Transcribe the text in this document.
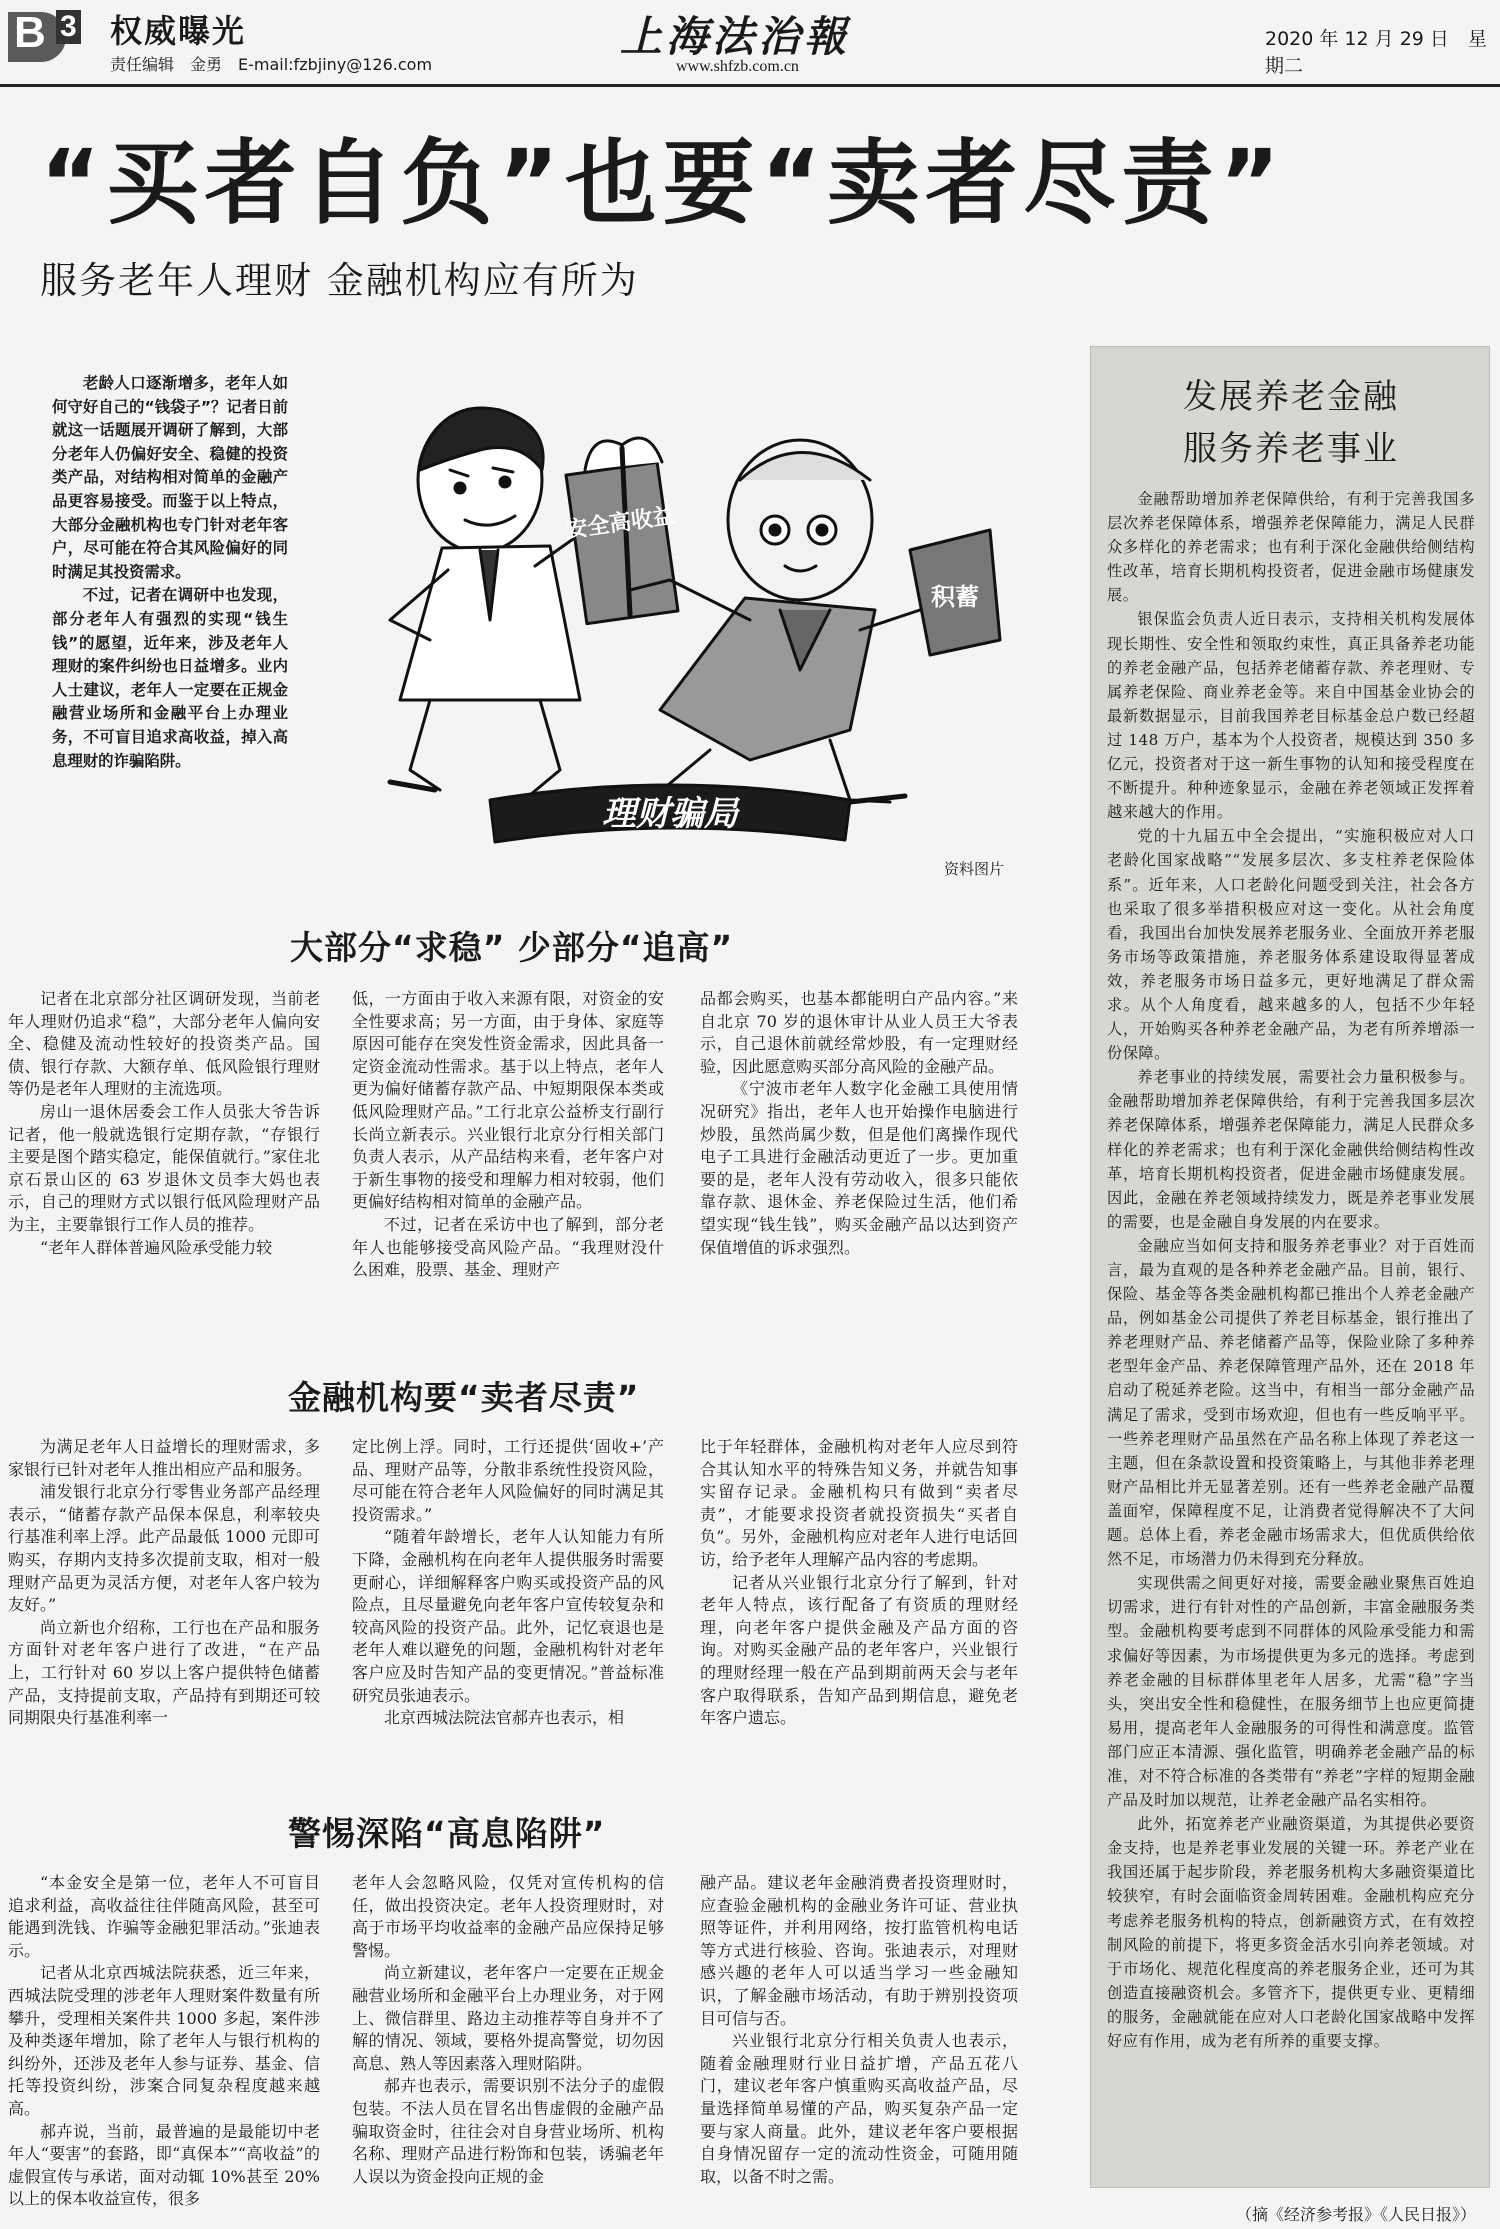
B 3 权威曝光
责任编辑　金勇　E-mail:fzbjiny@126.com
上海法治報
www.shfzb.com.cn
2020 年 12 月 29 日　星期二
“买者自负”也要“卖者尽责”
服务老年人理财 金融机构应有所为

老龄人口逐渐增多，老年人如何守好自己的“钱袋子”？记者日前就这一话题展开调研了解到，大部分老年人仍偏好安全、稳健的投资类产品，对结构相对简单的金融产品更容易接受。而鉴于以上特点，大部分金融机构也专门针对老年客户，尽可能在符合其风险偏好的同时满足其投资需求。

不过，记者在调研中也发现，部分老年人有强烈的实现“钱生钱”的愿望，近年来，涉及老年人理财的案件纠纷也日益增多。业内人士建议，老年人一定要在正规金融营业场所和金融平台上办理业务，不可盲目追求高收益，掉入高息理财的诈骗陷阱。

安全高收益
积蓄
理财骗局
资料图片
大部分“求稳” 少部分“追高”

记者在北京部分社区调研发现，当前老年人理财仍追求“稳”，大部分老年人偏向安全、稳健及流动性较好的投资类产品。国债、银行存款、大额存单、低风险银行理财等仍是老年人理财的主流选项。

房山一退休居委会工作人员张大爷告诉记者，他一般就选银行定期存款，“存银行主要是图个踏实稳定，能保值就行。”家住北京石景山区的 63 岁退休文员李大妈也表示，自己的理财方式以银行低风险理财产品为主，主要靠银行工作人员的推荐。

“老年人群体普遍风险承受能力较

低，一方面由于收入来源有限，对资金的安全性要求高；另一方面，由于身体、家庭等原因可能存在突发性资金需求，因此具备一定资金流动性需求。基于以上特点，老年人更为偏好储蓄存款产品、中短期限保本类或低风险理财产品。”工行北京公益桥支行副行长尚立新表示。兴业银行北京分行相关部门负责人表示，从产品结构来看，老年客户对于新生事物的接受和理解力相对较弱，他们更偏好结构相对简单的金融产品。

不过，记者在采访中也了解到，部分老年人也能够接受高风险产品。“我理财没什么困难，股票、基金、理财产

品都会购买，也基本都能明白产品内容。”来自北京 70 岁的退休审计从业人员王大爷表示，自己退休前就经常炒股，有一定理财经验，因此愿意购买部分高风险的金融产品。

《宁波市老年人数字化金融工具使用情况研究》指出，老年人也开始操作电脑进行炒股，虽然尚属少数，但是他们离操作现代电子工具进行金融活动更近了一步。更加重要的是，老年人没有劳动收入，很多只能依靠存款、退休金、养老保险过生活，他们希望实现“钱生钱”，购买金融产品以达到资产保值增值的诉求强烈。

金融机构要“卖者尽责”

为满足老年人日益增长的理财需求，多家银行已针对老年人推出相应产品和服务。

浦发银行北京分行零售业务部产品经理表示，“储蓄存款产品保本保息，利率较央行基准利率上浮。此产品最低 1000 元即可购买，存期内支持多次提前支取，相对一般理财产品更为灵活方便，对老年人客户较为友好。”

尚立新也介绍称，工行也在产品和服务方面针对老年客户进行了改进，“在产品上，工行针对 60 岁以上客户提供特色储蓄产品，支持提前支取，产品持有到期还可较同期限央行基准利率一

定比例上浮。同时，工行还提供‘固收+’产品、理财产品等，分散非系统性投资风险，尽可能在符合老年人风险偏好的同时满足其投资需求。”

“随着年龄增长，老年人认知能力有所下降，金融机构在向老年人提供服务时需要更耐心，详细解释客户购买或投资产品的风险点，且尽量避免向老年客户宣传较复杂和较高风险的投资产品。此外，记忆衰退也是老年人难以避免的问题，金融机构针对老年客户应及时告知产品的变更情况。”普益标准研究员张迪表示。

北京西城法院法官郝卉也表示，相

比于年轻群体，金融机构对老年人应尽到符合其认知水平的特殊告知义务，并就告知事实留存记录。金融机构只有做到“卖者尽责”，才能要求投资者就投资损失“买者自负”。另外，金融机构应对老年人进行电话回访，给予老年人理解产品内容的考虑期。

记者从兴业银行北京分行了解到，针对老年人特点，该行配备了有资质的理财经理，向老年客户提供金融及产品方面的咨询。对购买金融产品的老年客户，兴业银行的理财经理一般在产品到期前两天会与老年客户取得联系，告知产品到期信息，避免老年客户遗忘。

警惕深陷“高息陷阱”

“本金安全是第一位，老年人不可盲目追求利益，高收益往往伴随高风险，甚至可能遇到洗钱、诈骗等金融犯罪活动。”张迪表示。

记者从北京西城法院获悉，近三年来，西城法院受理的涉老年人理财案件数量有所攀升，受理相关案件共 1000 多起，案件涉及种类逐年增加，除了老年人与银行机构的纠纷外，还涉及老年人参与证券、基金、信托等投资纠纷，涉案合同复杂程度越来越高。

郝卉说，当前，最普遍的是最能切中老年人“要害”的套路，即“真保本”“高收益”的虚假宣传与承诺，面对动辄 10%甚至 20%以上的保本收益宣传，很多

老年人会忽略风险，仅凭对宣传机构的信任，做出投资决定。老年人投资理财时，对高于市场平均收益率的金融产品应保持足够警惕。

尚立新建议，老年客户一定要在正规金融营业场所和金融平台上办理业务，对于网上、微信群里、路边主动推荐等自身并不了解的情况、领域，要格外提高警觉，切勿因高息、熟人等因素落入理财陷阱。

郝卉也表示，需要识别不法分子的虚假包装。不法人员在冒名出售虚假的金融产品骗取资金时，往往会对自身营业场所、机构名称、理财产品进行粉饰和包装，诱骗老年人误以为资金投向正规的金

融产品。建议老年金融消费者投资理财时，应查验金融机构的金融业务许可证、营业执照等证件，并利用网络，按打监管机构电话等方式进行核验、咨询。张迪表示，对理财感兴趣的老年人可以适当学习一些金融知识，了解金融市场活动，有助于辨别投资项目可信与否。

兴业银行北京分行相关负责人也表示，随着金融理财行业日益扩增，产品五花八门，建议老年客户慎重购买高收益产品，尽量选择简单易懂的产品，购买复杂产品一定要与家人商量。此外，建议老年客户要根据自身情况留存一定的流动性资金，可随用随取，以备不时之需。

发展养老金融
服务养老事业

金融帮助增加养老保障供给，有利于完善我国多层次养老保障体系，增强养老保障能力，满足人民群众多样化的养老需求；也有利于深化金融供给侧结构性改革，培育长期机构投资者，促进金融市场健康发展。

银保监会负责人近日表示，支持相关机构发展体现长期性、安全性和领取约束性，真正具备养老功能的养老金融产品，包括养老储蓄存款、养老理财、专属养老保险、商业养老金等。来自中国基金业协会的最新数据显示，目前我国养老目标基金总户数已经超过 148 万户，基本为个人投资者，规模达到 350 多亿元，投资者对于这一新生事物的认知和接受程度在不断提升。种种迹象显示，金融在养老领域正发挥着越来越大的作用。

党的十九届五中全会提出，“实施积极应对人口老龄化国家战略”“发展多层次、多支柱养老保险体系”。近年来，人口老龄化问题受到关注，社会各方也采取了很多举措积极应对这一变化。从社会角度看，我国出台加快发展养老服务业、全面放开养老服务市场等政策措施，养老服务体系建设取得显著成效，养老服务市场日益多元，更好地满足了群众需求。从个人角度看，越来越多的人，包括不少年轻人，开始购买各种养老金融产品，为老有所养增添一份保障。

养老事业的持续发展，需要社会力量积极参与。金融帮助增加养老保障供给，有利于完善我国多层次养老保障体系，增强养老保障能力，满足人民群众多样化的养老需求；也有利于深化金融供给侧结构性改革，培育长期机构投资者，促进金融市场健康发展。因此，金融在养老领域持续发力，既是养老事业发展的需要，也是金融自身发展的内在要求。

金融应当如何支持和服务养老事业？对于百姓而言，最为直观的是各种养老金融产品。目前，银行、保险、基金等各类金融机构都已推出个人养老金融产品，例如基金公司提供了养老目标基金，银行推出了养老理财产品、养老储蓄产品等，保险业除了多种养老型年金产品、养老保障管理产品外，还在 2018 年启动了税延养老险。这当中，有相当一部分金融产品满足了需求，受到市场欢迎，但也有一些反响平平。一些养老理财产品虽然在产品名称上体现了养老这一主题，但在条款设置和投资策略上，与其他非养老理财产品相比并无显著差别。还有一些养老金融产品覆盖面窄，保障程度不足，让消费者觉得解决不了大问题。总体上看，养老金融市场需求大，但优质供给依然不足，市场潜力仍未得到充分释放。

实现供需之间更好对接，需要金融业聚焦百姓迫切需求，进行有针对性的产品创新，丰富金融服务类型。金融机构要考虑到不同群体的风险承受能力和需求偏好等因素，为市场提供更为多元的选择。考虑到养老金融的目标群体里老年人居多，尤需“稳”字当头，突出安全性和稳健性，在服务细节上也应更简捷易用，提高老年人金融服务的可得性和满意度。监管部门应正本清源、强化监管，明确养老金融产品的标准，对不符合标准的各类带有“养老”字样的短期金融产品及时加以规范，让养老金融产品名实相符。

此外，拓宽养老产业融资渠道，为其提供必要资金支持，也是养老事业发展的关键一环。养老产业在我国还属于起步阶段，养老服务机构大多融资渠道比较狭窄，有时会面临资金周转困难。金融机构应充分考虑养老服务机构的特点，创新融资方式，在有效控制风险的前提下，将更多资金活水引向养老领域。对于市场化、规范化程度高的养老服务企业，还可为其创造直接融资机会。多管齐下，提供更专业、更精细的服务，金融就能在应对人口老龄化国家战略中发挥好应有作用，成为老有所养的重要支撑。

（摘《经济参考报》《人民日报》）
